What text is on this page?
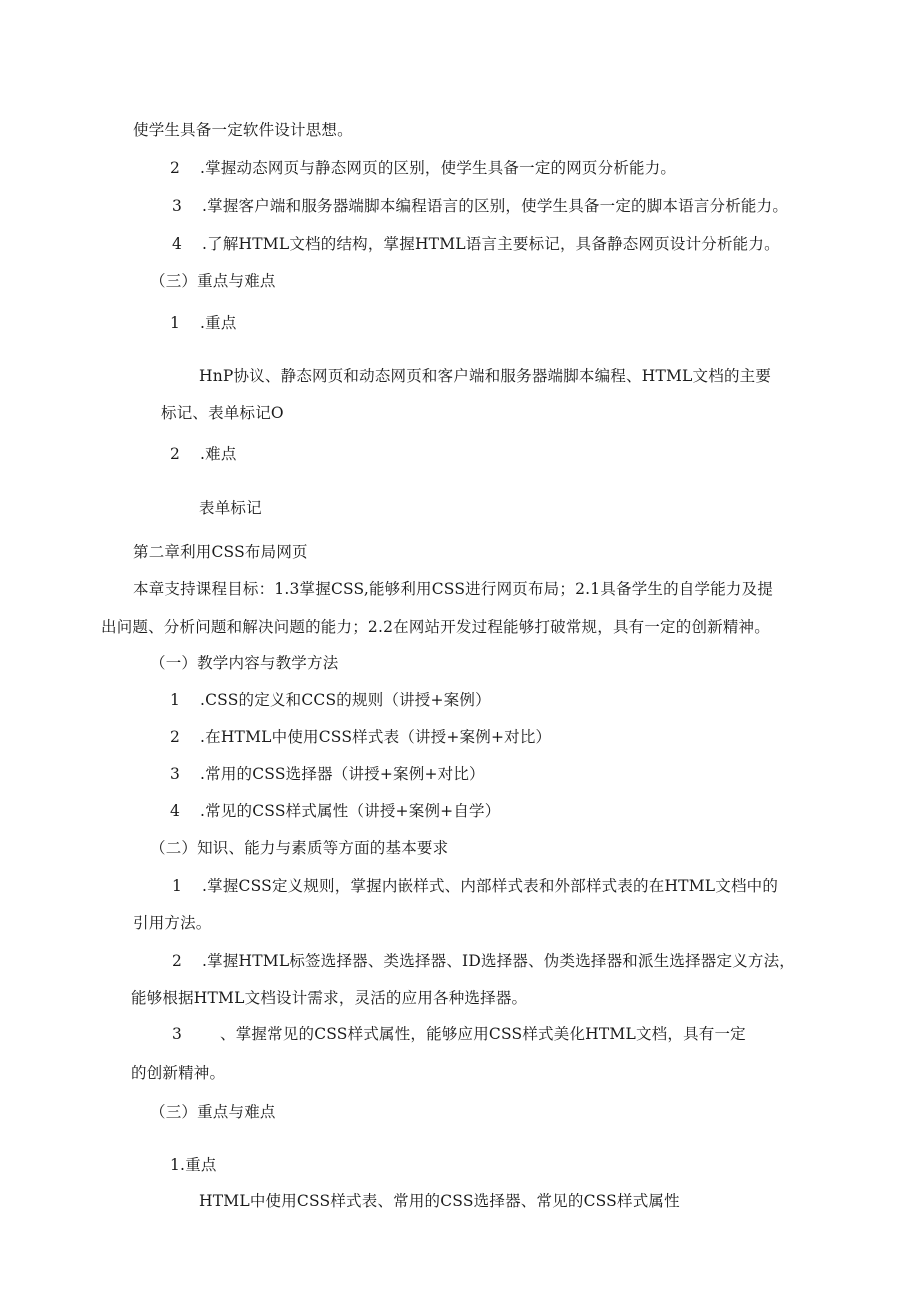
使学生具备一定软件设计思想。
2 .掌握动态网页与静态网页的区别，使学生具备一定的网页分析能力。
3 .掌握客户端和服务器端脚本编程语言的区别，使学生具备一定的脚本语言分析能力。
4 .了解HTML文档的结构，掌握HTML语言主要标记，具备静态网页设计分析能力。
（三）重点与难点
1 .重点
HnP协议、静态网页和动态网页和客户端和服务器端脚本编程、HTML文档的主要
标记、表单标记O
2 .难点
表单标记
第二章利用CSS布局网页
本章支持课程目标：1.3掌握CSS,能够利用CSS进行网页布局；2.1具备学生的自学能力及提
出问题、分析问题和解决问题的能力；2.2在网站开发过程能够打破常规，具有一定的创新精神。
（一）教学内容与教学方法
1 .CSS的定义和CCS的规则（讲授+案例）
2 .在HTML中使用CSS样式表（讲授+案例+对比）
3 .常用的CSS选择器（讲授+案例+对比）
4 .常见的CSS样式属性（讲授+案例+自学）
（二）知识、能力与素质等方面的基本要求
1 .掌握CSS定义规则，掌握内嵌样式、内部样式表和外部样式表的在HTML文档中的
引用方法。
2 .掌握HTML标签选择器、类选择器、ID选择器、伪类选择器和派生选择器定义方法，
能够根据HTML文档设计需求，灵活的应用各种选择器。
3 、掌握常见的CSS样式属性，能够应用CSS样式美化HTML文档，具有一定
的创新精神。
（三）重点与难点
1.重点
HTML中使用CSS样式表、常用的CSS选择器、常见的CSS样式属性
